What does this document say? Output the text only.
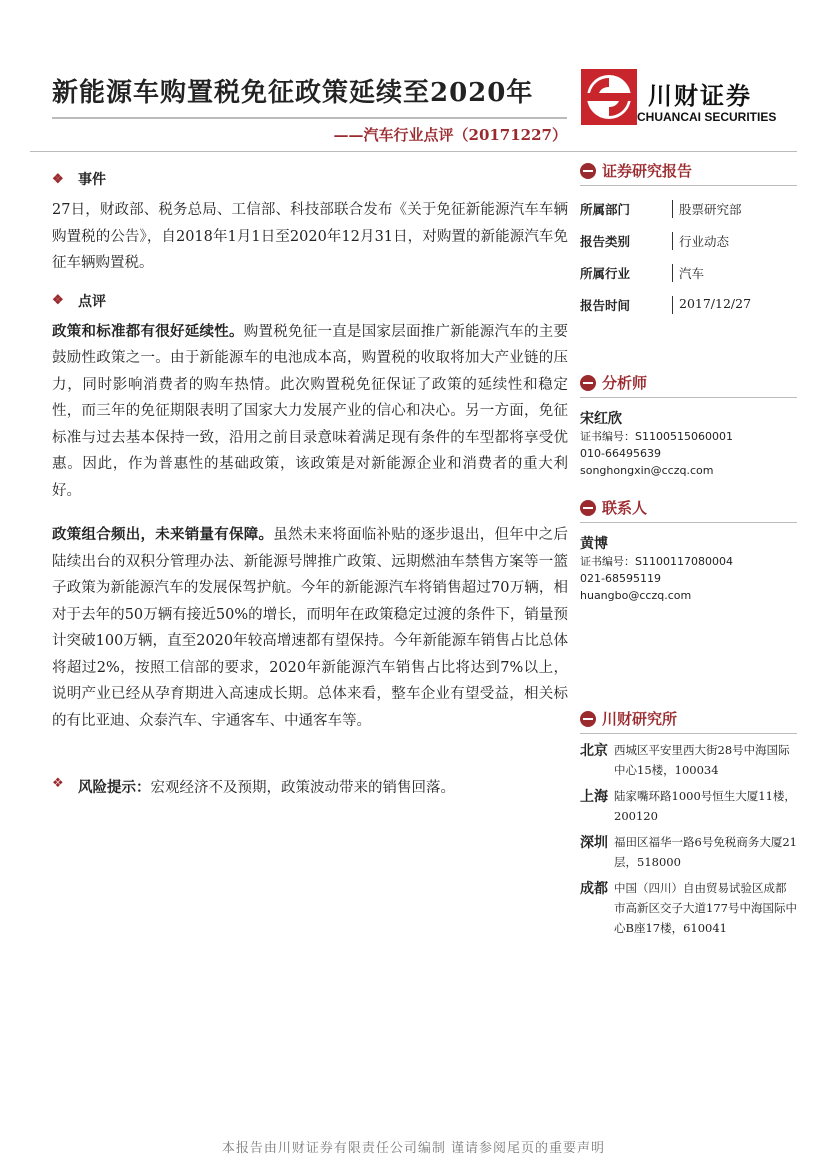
新能源车购置税免征政策延续至2020年
——汽车行业点评（20171227）
川财证券
CHUANCAI SECURITIES
❖	事件

27日，财政部、税务总局、工信部、科技部联合发布《关于免征新能源汽车车辆购置税的公告》，自2018年1月1日至2020年12月31日，对购置的新能源汽车免征车辆购置税。

❖	点评

政策和标准都有很好延续性。购置税免征一直是国家层面推广新能源汽车的主要鼓励性政策之一。由于新能源车的电池成本高，购置税的收取将加大产业链的压力，同时影响消费者的购车热情。此次购置税免征保证了政策的延续性和稳定性，而三年的免征期限表明了国家大力发展产业的信心和决心。另一方面，免征标准与过去基本保持一致，沿用之前目录意味着满足现有条件的车型都将享受优惠。因此，作为普惠性的基础政策，该政策是对新能源企业和消费者的重大利好。

政策组合频出，未来销量有保障。虽然未来将面临补贴的逐步退出，但年中之后陆续出台的双积分管理办法、新能源号牌推广政策、远期燃油车禁售方案等一篮子政策为新能源汽车的发展保驾护航。今年的新能源汽车将销售超过70万辆，相对于去年的50万辆有接近50%的增长，而明年在政策稳定过渡的条件下，销量预计突破100万辆，直至2020年较高增速都有望保持。今年新能源车销售占比总体将超过2%，按照工信部的要求，2020年新能源汽车销售占比将达到7%以上，说明产业已经从孕育期进入高速成长期。总体来看，整车企业有望受益，相关标的有比亚迪、众泰汽车、宇通客车、中通客车等。

❖ 风险提示：宏观经济不及预期，政策波动带来的销售回落。
证券研究报告
所属部门	股票研究部
报告类别	行业动态
所属行业	汽车
报告时间	2017/12/27
分析师
宋红欣
证书编号：S1100515060001
010-66495639
songhongxin@cczq.com
联系人
黄博
证书编号：S1100117080004
021-68595119
huangbo@cczq.com
川财研究所
北京 西城区平安里西大街28号中海国际中心15楼，100034
上海 陆家嘴环路1000号恒生大厦11楼，200120
深圳 福田区福华一路6号免税商务大厦21层，518000
成都 中国（四川）自由贸易试验区成都市高新区交子大道177号中海国际中心B座17楼，610041
本报告由川财证券有限责任公司编制 谨请参阅尾页的重要声明
